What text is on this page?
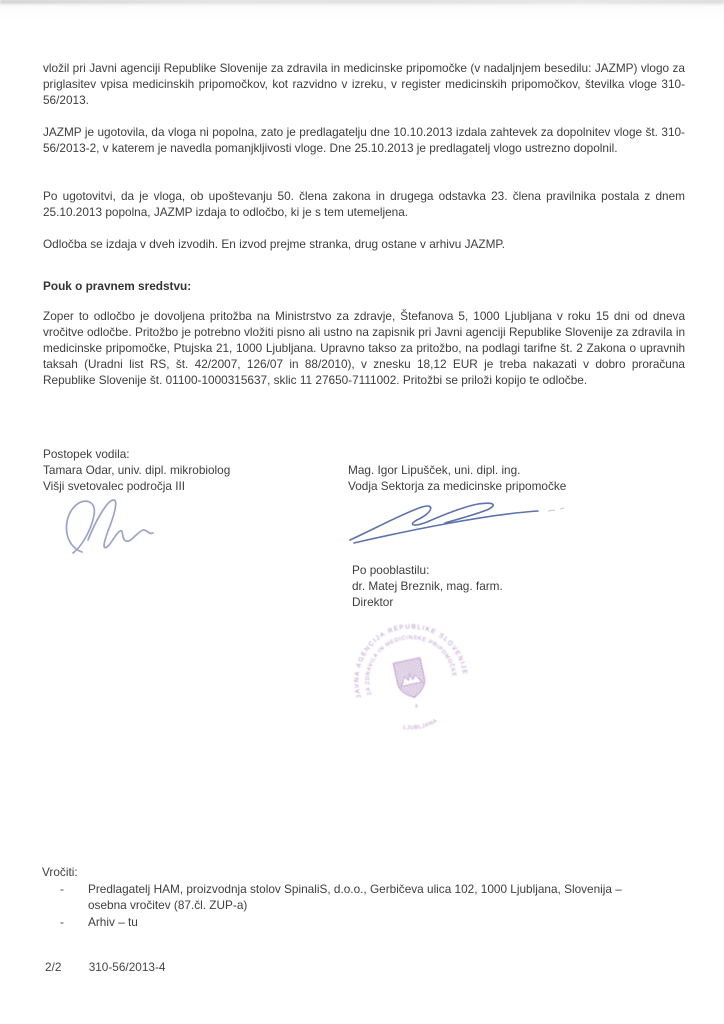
vložil pri Javni agenciji Republike Slovenije za zdravila in medicinske pripomočke (v nadaljnjem besedilu: JAZMP) vlogo za priglasitev vpisa medicinskih pripomočkov, kot razvidno v izreku, v register medicinskih pripomočkov, številka vloge 310-56/2013.

JAZMP je ugotovila, da vloga ni popolna, zato je predlagatelju dne 10.10.2013 izdala zahtevek za dopolnitev vloge št. 310-56/2013-2, v katerem je navedla pomanjkljivosti vloge. Dne 25.10.2013 je predlagatelj vlogo ustrezno dopolnil.

Po ugotovitvi, da je vloga, ob upoštevanju 50. člena zakona in drugega odstavka 23. člena pravilnika postala z dnem 25.10.2013 popolna, JAZMP izdaja to odločbo, ki je s tem utemeljena.

Odločba se izdaja v dveh izvodih. En izvod prejme stranka, drug ostane v arhivu JAZMP.

Pouk o pravnem sredstvu:

Zoper to odločbo je dovoljena pritožba na Ministrstvo za zdravje, Štefanova 5, 1000 Ljubljana v roku 15 dni od dneva vročitve odločbe. Pritožbo je potrebno vložiti pisno ali ustno na zapisnik pri Javni agenciji Republike Slovenije za zdravila in medicinske pripomočke, Ptujska 21, 1000 Ljubljana. Upravno takso za pritožbo, na podlagi tarifne št. 2 Zakona o upravnih taksah (Uradni list RS, št. 42/2007, 126/07 in 88/2010), v znesku 18,12 EUR je treba nakazati v dobro proračuna Republike Slovenije št. 01100-1000315637, sklic 11 27650-7111002. Pritožbi se priloži kopijo te odločbe.

Postopek vodila:
Tamara Odar, univ. dipl. mikrobiolog
Višji svetovalec področja III
Mag. Igor Lipušček, uni. dipl. ing.
Vodja Sektorja za medicinske pripomočke
Po pooblastilu:
dr. Matej Breznik, mag. farm.
Direktor
JAVNA AGENCIJA REPUBLIKE SLOVENIJE
ZA ZDRAVILA IN MEDICINSKE PRIPOMOČKE
LJUBLJANA
4

Vročiti:

-	Predlagatelj HAM, proizvodnja stolov SpinaliS, d.o.o., Gerbičeva ulica 102, 1000 Ljubljana, Slovenija – osebna vročitev (87.čl. ZUP-a)
-	Arhiv – tu

2/2 310-56/2013-4
